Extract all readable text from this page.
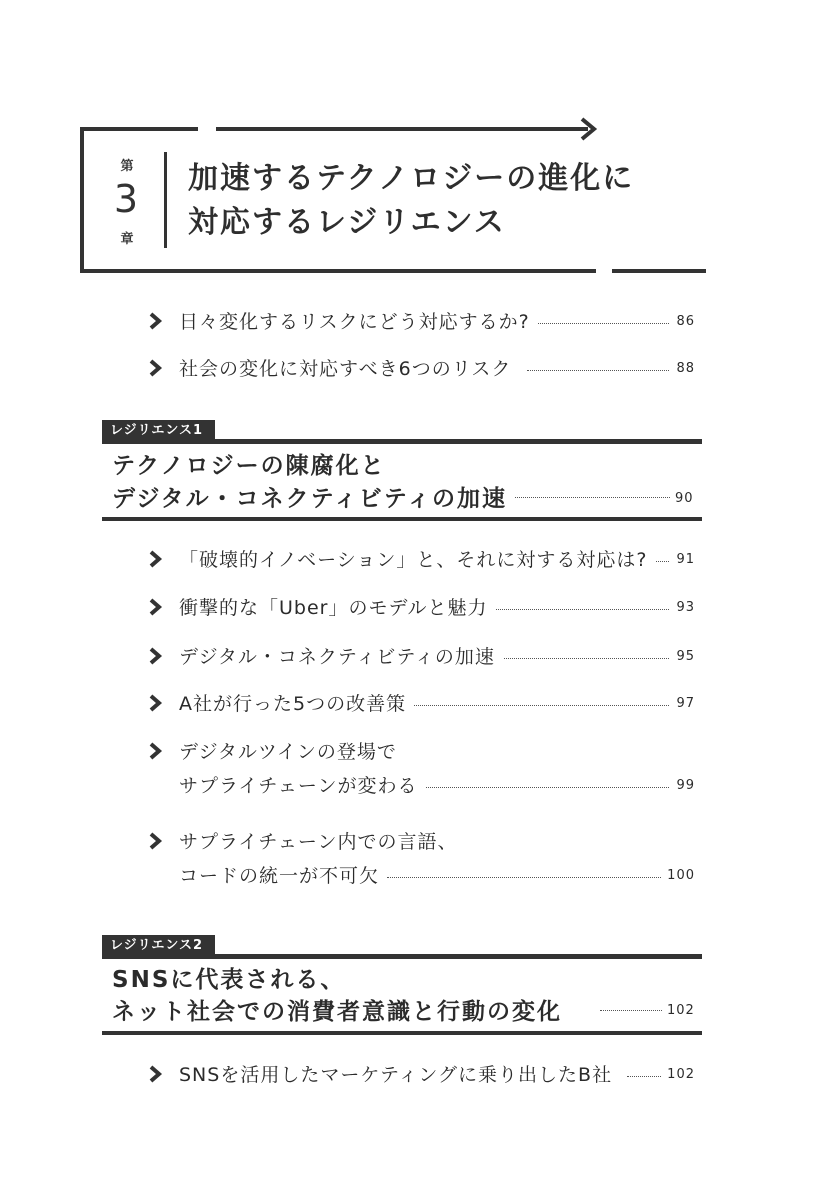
第
3
章
加速するテクノロジーの進化に
対応するレジリエンス
日々変化するリスクにどう対応するか?	86
社会の変化に対応すべき6つのリスク	88
レジリエンス1
テクノロジーの陳腐化と
デジタル・コネクティビティの加速	90
「破壊的イノベーション」と、それに対する対応は?	91
衝撃的な「Uber」のモデルと魅力	93
デジタル・コネクティビティの加速	95
A社が行った5つの改善策	97
デジタルツインの登場で
サプライチェーンが変わる	99
サプライチェーン内での言語、
コードの統一が不可欠	100
レジリエンス2
SNSに代表される、
ネット社会での消費者意識と行動の変化	102
SNSを活用したマーケティングに乗り出したB社	102
